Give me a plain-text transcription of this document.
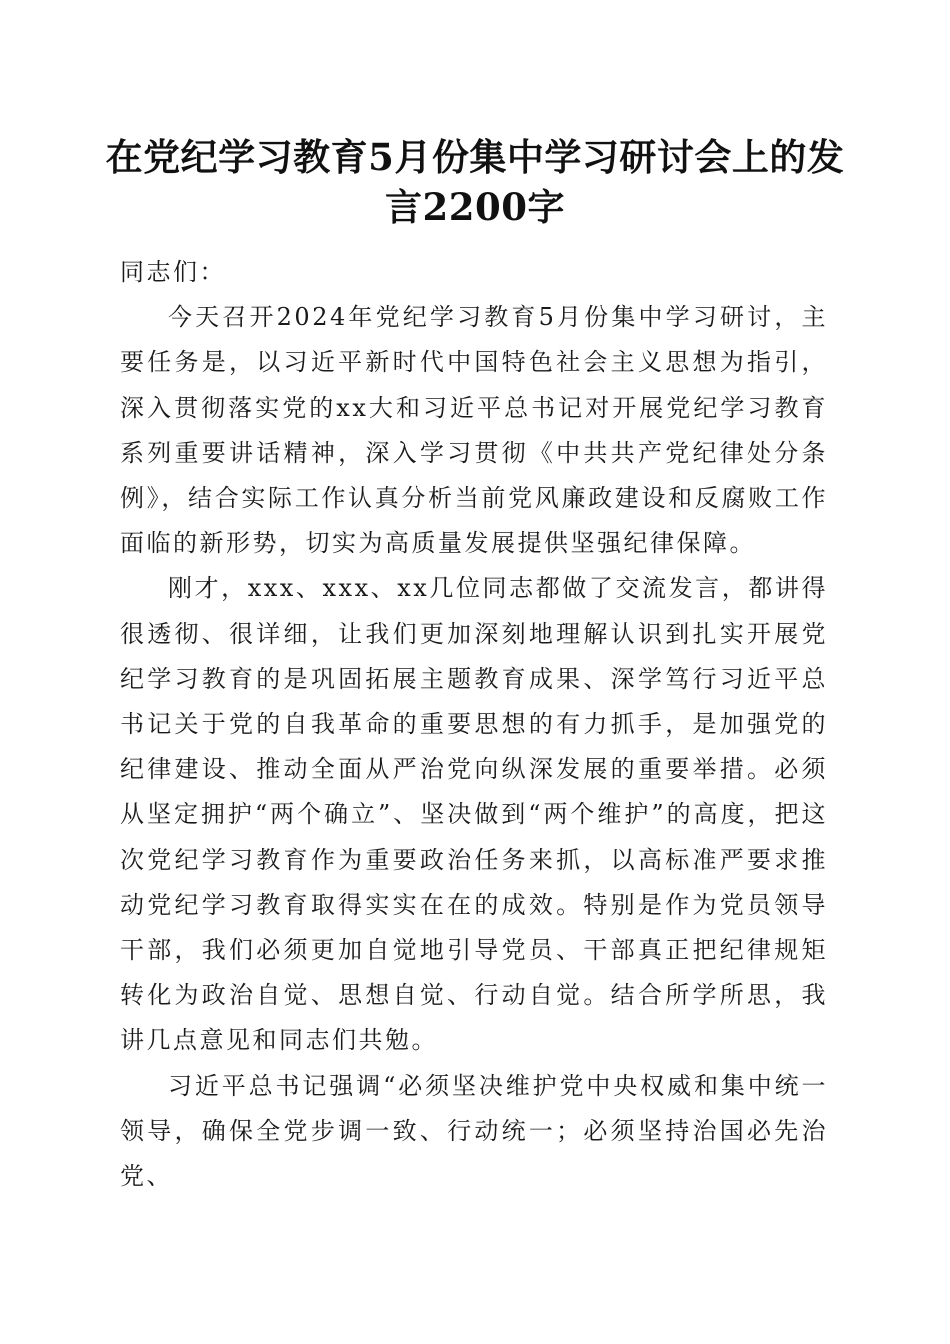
在党纪学习教育5月份集中学习研讨会上的发
言2200字

同志们：

今天召开2024年党纪学习教育5月份集中学习研讨，主要任务是，以习近平新时代中国特色社会主义思想为指引，深入贯彻落实党的xx大和习近平总书记对开展党纪学习教育系列重要讲话精神，深入学习贯彻《中共共产党纪律处分条例》，结合实际工作认真分析当前党风廉政建设和反腐败工作面临的新形势，切实为高质量发展提供坚强纪律保障。

刚才，xxx、xxx、xx几位同志都做了交流发言，都讲得很透彻、很详细，让我们更加深刻地理解认识到扎实开展党纪学习教育的是巩固拓展主题教育成果、深学笃行习近平总书记关于党的自我革命的重要思想的有力抓手，是加强党的纪律建设、推动全面从严治党向纵深发展的重要举措。必须从坚定拥护“两个确立”、坚决做到“两个维护”的高度，把这次党纪学习教育作为重要政治任务来抓，以高标准严要求推动党纪学习教育取得实实在在的成效。特别是作为党员领导干部，我们必须更加自觉地引导党员、干部真正把纪律规矩转化为政治自觉、思想自觉、行动自觉。结合所学所思，我讲几点意见和同志们共勉。

习近平总书记强调“必须坚决维护党中央权威和集中统一领导，确保全党步调一致、行动统一；必须坚持治国必先治党、
